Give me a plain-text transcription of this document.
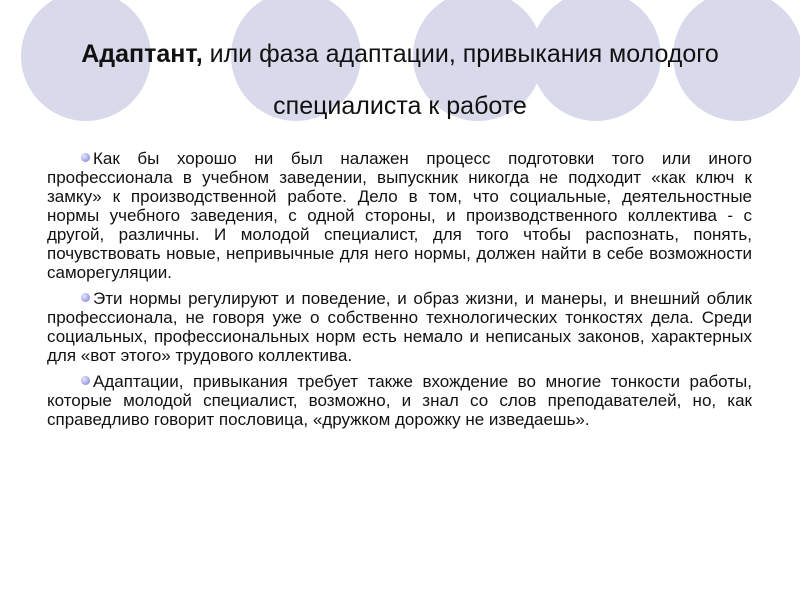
Адаптант, или фаза адаптации, привыкания молодого специалиста к работе

Как бы хорошо ни был налажен процесс подготовки того или иного профессионала в учебном заведении, выпускник никогда не подходит «как ключ к замку» к производственной работе. Дело в том, что социальные, деятельностные нормы учебного заведения, с одной стороны, и производственного коллектива - с другой, различны. И молодой специалист, для того чтобы распознать, понять, почувствовать новые, непривычные для него нормы, должен найти в себе возможности саморегуляции.

Эти нормы регулируют и поведение, и образ жизни, и манеры, и внешний облик профессионала, не говоря уже о собственно технологических тонкостях дела. Среди социальных, профессиональных норм есть немало и неписаных законов, характерных для «вот этого» трудового коллектива.

Адаптации, привыкания требует также вхождение во многие тонкости работы, которые молодой специалист, возможно, и знал со слов преподавателей, но, как справедливо говорит пословица, «дружком дорожку не изведаешь».
